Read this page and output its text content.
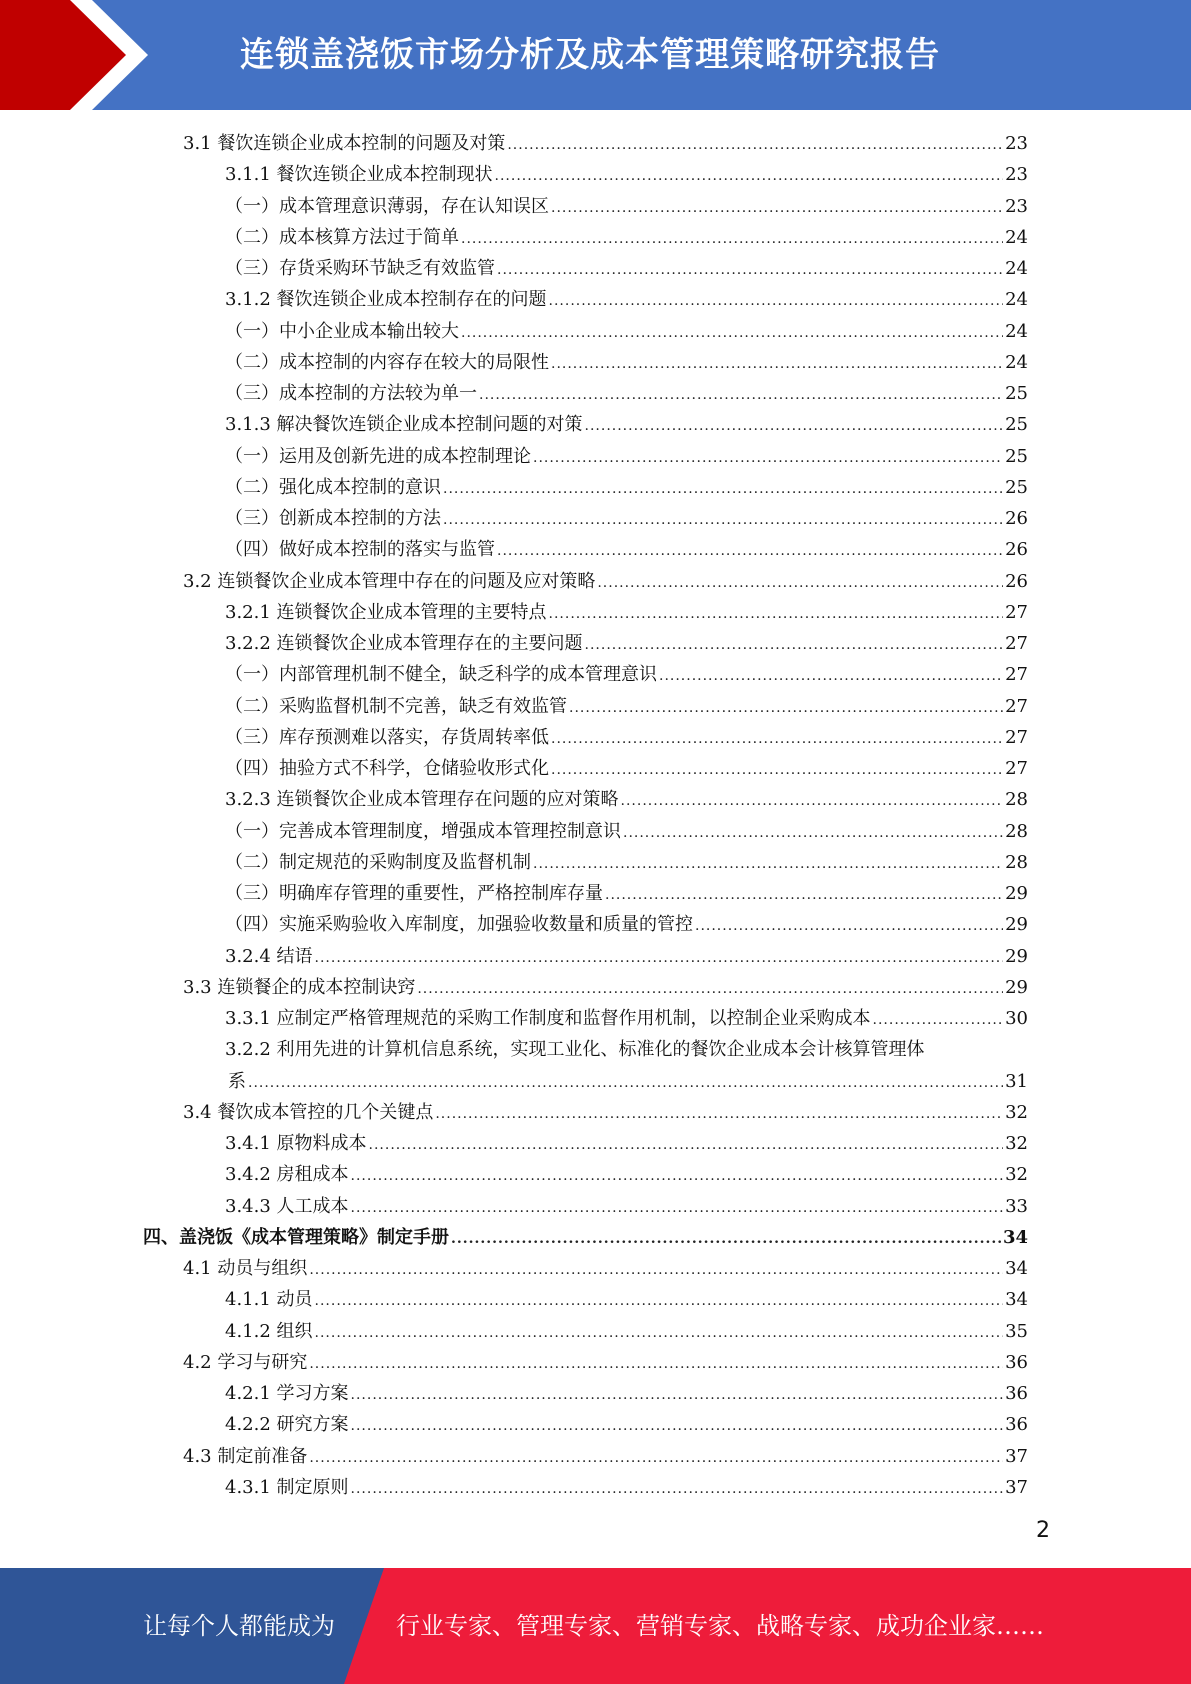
连锁盖浇饭市场分析及成本管理策略研究报告
3.1 餐饮连锁企业成本控制的问题及对策 .....	23
3.1.1 餐饮连锁企业成本控制现状 .....	23
（一）成本管理意识薄弱，存在认知误区 .....	23
（二）成本核算方法过于简单 .....	24
（三）存货采购环节缺乏有效监管 .....	24
3.1.2 餐饮连锁企业成本控制存在的问题 .....	24
（一）中小企业成本输出较大 .....	24
（二）成本控制的内容存在较大的局限性 .....	24
（三）成本控制的方法较为单一 .....	25
3.1.3 解决餐饮连锁企业成本控制问题的对策 .....	25
（一）运用及创新先进的成本控制理论 .....	25
（二）强化成本控制的意识 .....	25
（三）创新成本控制的方法 .....	26
（四）做好成本控制的落实与监管 .....	26
3.2 连锁餐饮企业成本管理中存在的问题及应对策略 .....	26
3.2.1 连锁餐饮企业成本管理的主要特点 .....	27
3.2.2 连锁餐饮企业成本管理存在的主要问题 .....	27
（一）内部管理机制不健全，缺乏科学的成本管理意识 .....	27
（二）采购监督机制不完善，缺乏有效监管 .....	27
（三）库存预测难以落实，存货周转率低 .....	27
（四）抽验方式不科学，仓储验收形式化 .....	27
3.2.3 连锁餐饮企业成本管理存在问题的应对策略 .....	28
（一）完善成本管理制度，增强成本管理控制意识 .....	28
（二）制定规范的采购制度及监督机制 .....	28
（三）明确库存管理的重要性，严格控制库存量 .....	29
（四）实施采购验收入库制度，加强验收数量和质量的管控 .....	29
3.2.4 结语 .....	29
3.3 连锁餐企的成本控制诀窍 .....	29
3.3.1 应制定严格管理规范的采购工作制度和监督作用机制，以控制企业采购成本 .....	30
3.2.2 利用先进的计算机信息系统，实现工业化、标准化的餐饮企业成本会计核算管理体
系 .....	31
3.4 餐饮成本管控的几个关键点 .....	32
3.4.1 原物料成本 .....	32
3.4.2 房租成本 .....	32
3.4.3 人工成本 .....	33
四、盖浇饭《成本管理策略》制定手册 .....	34
4.1 动员与组织 .....	34
4.1.1 动员 .....	34
4.1.2 组织 .....	35
4.2 学习与研究 .....	36
4.2.1 学习方案 .....	36
4.2.2 研究方案 .....	36
4.3 制定前准备 .....	37
4.3.1 制定原则 .....	37
2
让每个人都能成为	行业专家、管理专家、营销专家、战略专家、成功企业家……
